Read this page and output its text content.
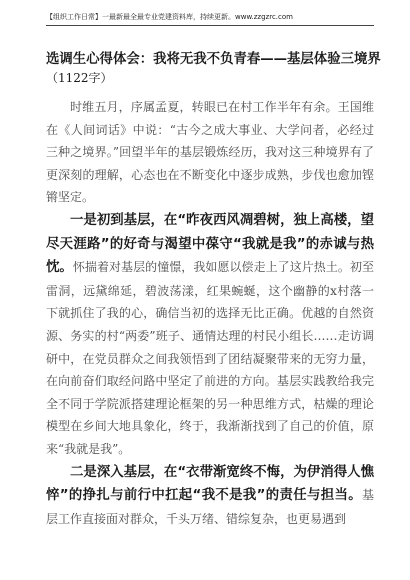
【组织工作日常】一最新最全最专业党建资料库，持续更新。www.zzgzrc.com
选调生心得体会：我将无我不负青春——基层体验三境界
（1122字）

时维五月，序属孟夏，转眼已在村工作半年有余。王国维在《人间词话》中说：“古今之成大事业、大学问者，必经过三种之境界。”回望半年的基层锻炼经历，我对这三种境界有了更深刻的理解，心态也在不断变化中逐步成熟，步伐也愈加铿锵坚定。

一是初到基层，在“昨夜西风凋碧树，独上高楼，望尽天涯路”的好奇与渴望中葆守“我就是我”的赤诚与热忱。怀揣着对基层的憧憬，我如愿以偿走上了这片热土。初至雷洞，远黛绵延，碧波荡漾，红果蜿蜒，这个幽静的x村落一下就抓住了我的心，确信当初的选择无比正确。优越的自然资源、务实的村“两委”班子、通情达理的村民小组长……走访调研中，在党员群众之间我领悟到了团结凝聚带来的无穷力量，在向前奋们取经问路中坚定了前进的方向。基层实践教给我完全不同于学院派搭建理论框架的另一种思维方式，枯燥的理论模型在乡间大地具象化，终于，我渐渐找到了自己的价值，原来“我就是我”。

二是深入基层，在“衣带渐宽终不悔，为伊消得人憔悴”的挣扎与前行中扛起“我不是我”的责任与担当。基层工作直接面对群众，千头万绪、错综复杂，也更易遇到
